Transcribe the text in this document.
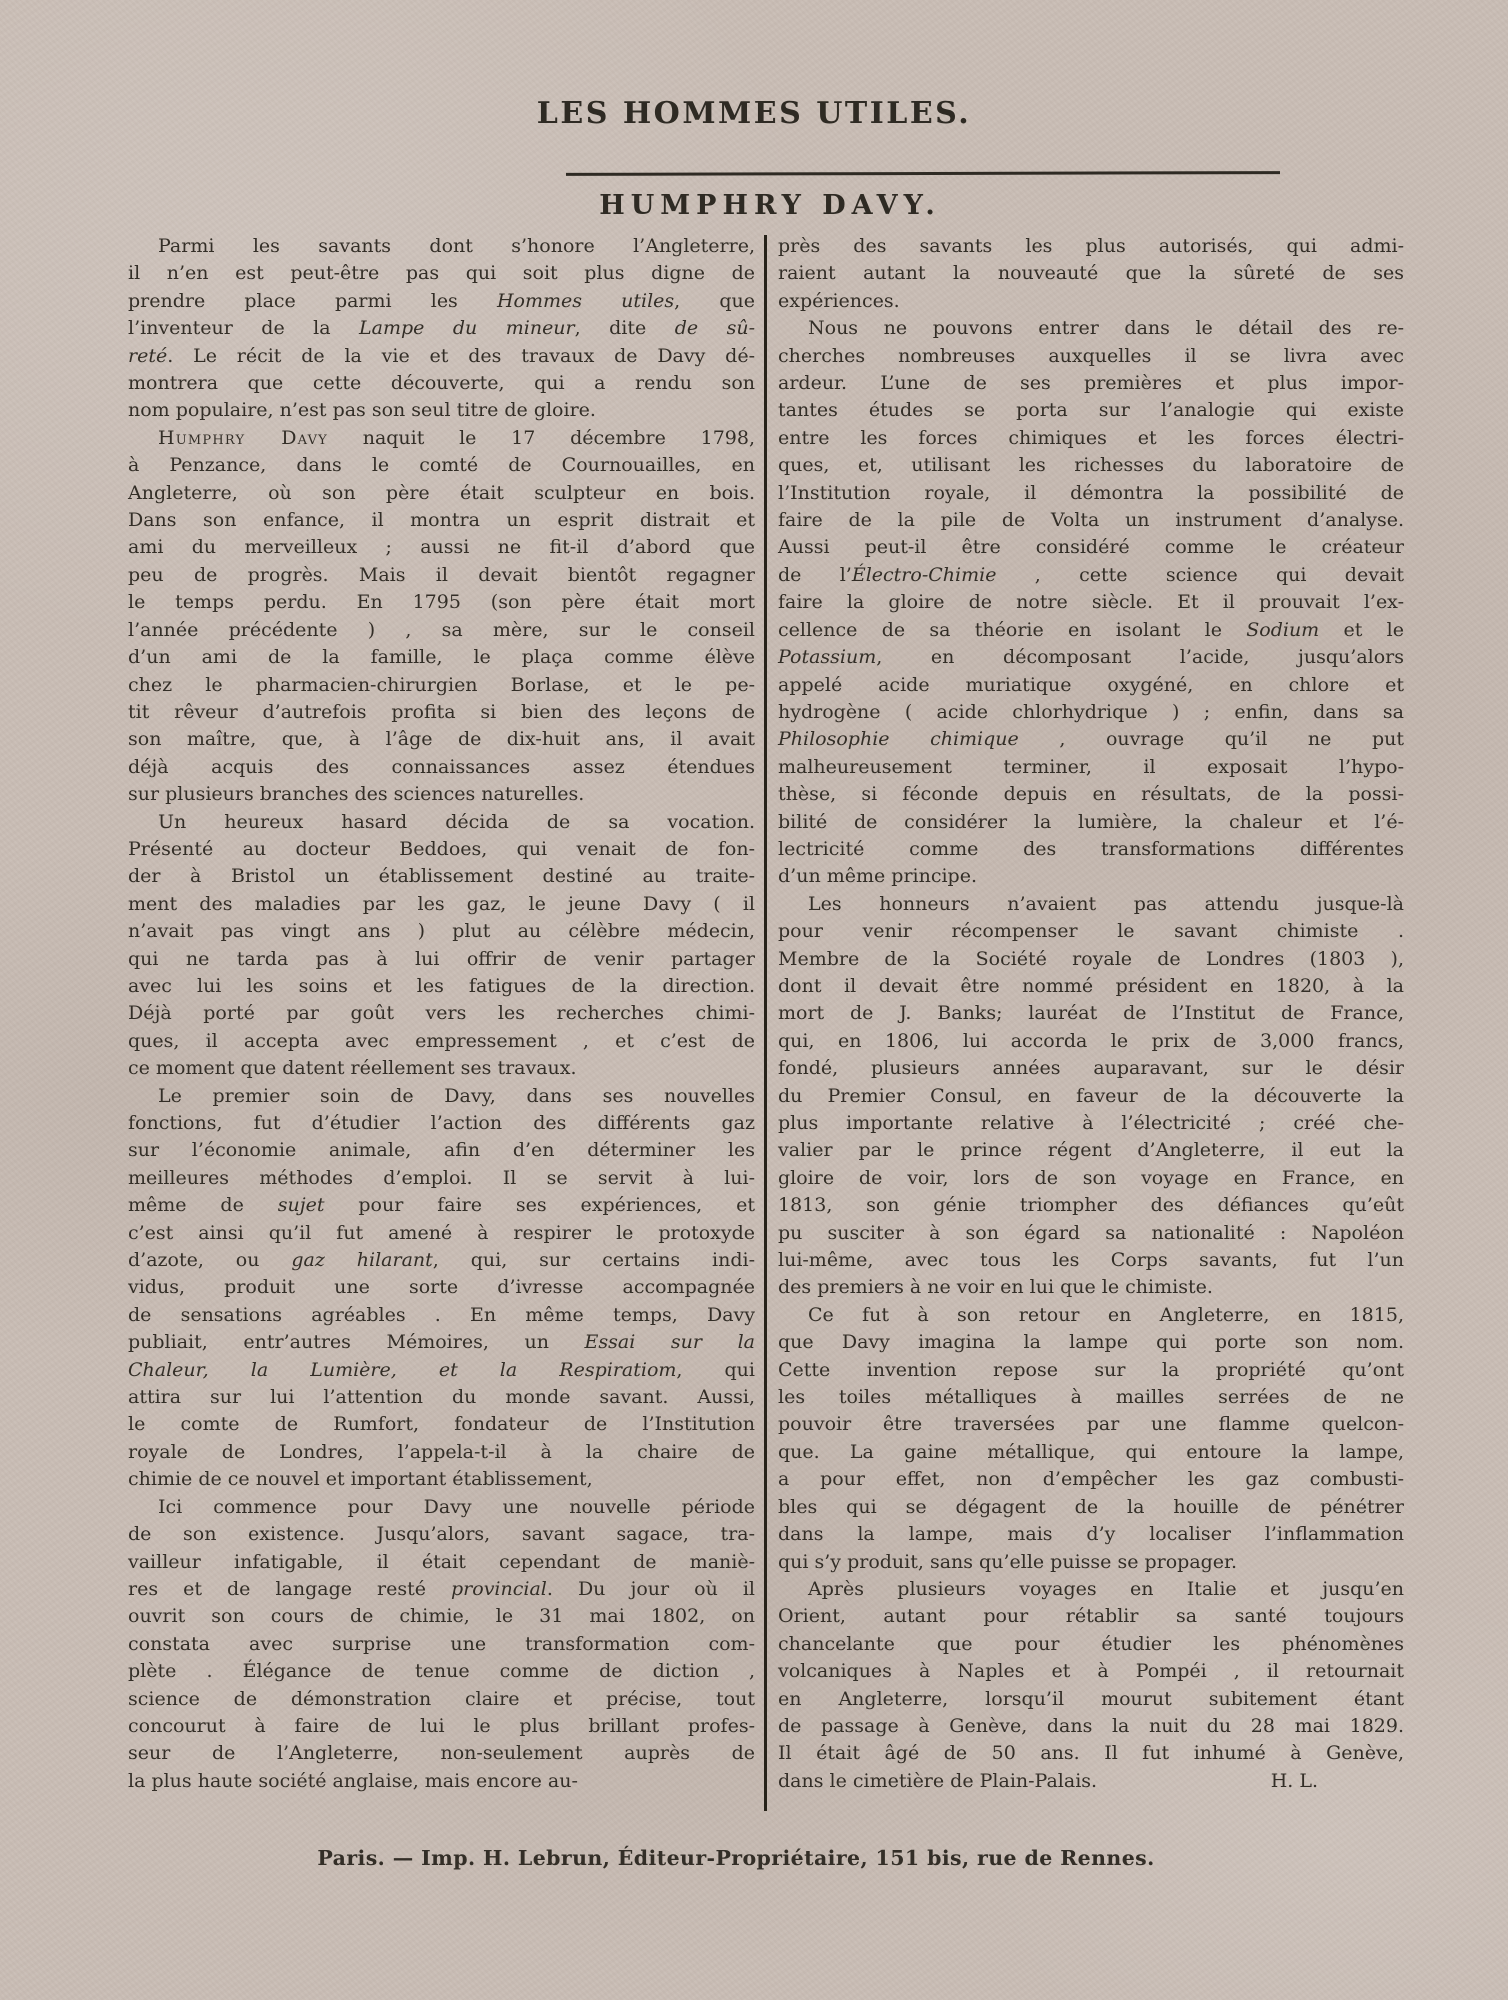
LES HOMMES UTILES.
HUMPHRY DAVY.
Parmi les savants dont s’honore l’Angleterre,
il n’en est peut-être pas qui soit plus digne de
prendre place parmi les Hommes utiles, que
l’inventeur de la Lampe du mineur, dite de sû-
reté. Le récit de la vie et des travaux de Davy dé-
montrera que cette découverte, qui a rendu son
nom populaire, n’est pas son seul titre de gloire.
Humphry Davy naquit le 17 décembre 1798,
à Penzance, dans le comté de Cournouailles, en
Angleterre, où son père était sculpteur en bois.
Dans son enfance, il montra un esprit distrait et
ami du merveilleux ; aussi ne fit-il d’abord que
peu de progrès. Mais il devait bientôt regagner
le temps perdu. En 1795 (son père était mort
l’année précédente ) , sa mère, sur le conseil
d’un ami de la famille, le plaça comme élève
chez le pharmacien-chirurgien Borlase, et le pe-
tit rêveur d’autrefois profita si bien des leçons de
son maître, que, à l’âge de dix-huit ans, il avait
déjà acquis des connaissances assez étendues
sur plusieurs branches des sciences naturelles.
Un heureux hasard décida de sa vocation.
Présenté au docteur Beddoes, qui venait de fon-
der à Bristol un établissement destiné au traite-
ment des maladies par les gaz, le jeune Davy ( il
n’avait pas vingt ans ) plut au célèbre médecin,
qui ne tarda pas à lui offrir de venir partager
avec lui les soins et les fatigues de la direction.
Déjà porté par goût vers les recherches chimi-
ques, il accepta avec empressement , et c’est de
ce moment que datent réellement ses travaux.
Le premier soin de Davy, dans ses nouvelles
fonctions, fut d’étudier l’action des différents gaz
sur l’économie animale, afin d’en déterminer les
meilleures méthodes d’emploi. Il se servit à lui-
même de sujet pour faire ses expériences, et
c’est ainsi qu’il fut amené à respirer le protoxyde
d’azote, ou gaz hilarant, qui, sur certains indi-
vidus, produit une sorte d’ivresse accompagnée
de sensations agréables . En même temps, Davy
publiait, entr’autres Mémoires, un Essai sur la
Chaleur, la Lumière, et la Respiratiom, qui
attira sur lui l’attention du monde savant. Aussi,
le comte de Rumfort, fondateur de l’Institution
royale de Londres, l’appela-t-il à la chaire de
chimie de ce nouvel et important établissement,
Ici commence pour Davy une nouvelle période
de son existence. Jusqu’alors, savant sagace, tra-
vailleur infatigable, il était cependant de maniè-
res et de langage resté provincial. Du jour où il
ouvrit son cours de chimie, le 31 mai 1802, on
constata avec surprise une transformation com-
plète . Élégance de tenue comme de diction ,
science de démonstration claire et précise, tout
concourut à faire de lui le plus brillant profes-
seur de l’Angleterre, non-seulement auprès de
la plus haute société anglaise, mais encore au-
près des savants les plus autorisés, qui admi-
raient autant la nouveauté que la sûreté de ses
expériences.
Nous ne pouvons entrer dans le détail des re-
cherches nombreuses auxquelles il se livra avec
ardeur. L’une de ses premières et plus impor-
tantes études se porta sur l’analogie qui existe
entre les forces chimiques et les forces électri-
ques, et, utilisant les richesses du laboratoire de
l’Institution royale, il démontra la possibilité de
faire de la pile de Volta un instrument d’analyse.
Aussi peut-il être considéré comme le créateur
de l’Électro-Chimie , cette science qui devait
faire la gloire de notre siècle. Et il prouvait l’ex-
cellence de sa théorie en isolant le Sodium et le
Potassium, en décomposant l’acide, jusqu’alors
appelé acide muriatique oxygéné, en chlore et
hydrogène ( acide chlorhydrique ) ; enfin, dans sa
Philosophie chimique , ouvrage qu’il ne put
malheureusement terminer, il exposait l’hypo-
thèse, si féconde depuis en résultats, de la possi-
bilité de considérer la lumière, la chaleur et l’é-
lectricité comme des transformations différentes
d’un même principe.
Les honneurs n’avaient pas attendu jusque-là
pour venir récompenser le savant chimiste .
Membre de la Société royale de Londres (1803 ),
dont il devait être nommé président en 1820, à la
mort de J. Banks; lauréat de l’Institut de France,
qui, en 1806, lui accorda le prix de 3,000 francs,
fondé, plusieurs années auparavant, sur le désir
du Premier Consul, en faveur de la découverte la
plus importante relative à l’électricité ; créé che-
valier par le prince régent d’Angleterre, il eut la
gloire de voir, lors de son voyage en France, en
1813, son génie triompher des défiances qu’eût
pu susciter à son égard sa nationalité : Napoléon
lui-même, avec tous les Corps savants, fut l’un
des premiers à ne voir en lui que le chimiste.
Ce fut à son retour en Angleterre, en 1815,
que Davy imagina la lampe qui porte son nom.
Cette invention repose sur la propriété qu’ont
les toiles métalliques à mailles serrées de ne
pouvoir être traversées par une flamme quelcon-
que. La gaine métallique, qui entoure la lampe,
a pour effet, non d’empêcher les gaz combusti-
bles qui se dégagent de la houille de pénétrer
dans la lampe, mais d’y localiser l’inflammation
qui s’y produit, sans qu’elle puisse se propager.
Après plusieurs voyages en Italie et jusqu’en
Orient, autant pour rétablir sa santé toujours
chancelante que pour étudier les phénomènes
volcaniques à Naples et à Pompéi , il retournait
en Angleterre, lorsqu’il mourut subitement étant
de passage à Genève, dans la nuit du 28 mai 1829.
Il était âgé de 50 ans. Il fut inhumé à Genève,
dans le cimetière de Plain-Palais.	H. L.
Paris. — Imp. H. Lebrun, Éditeur-Propriétaire, 151 bis, rue de Rennes.
